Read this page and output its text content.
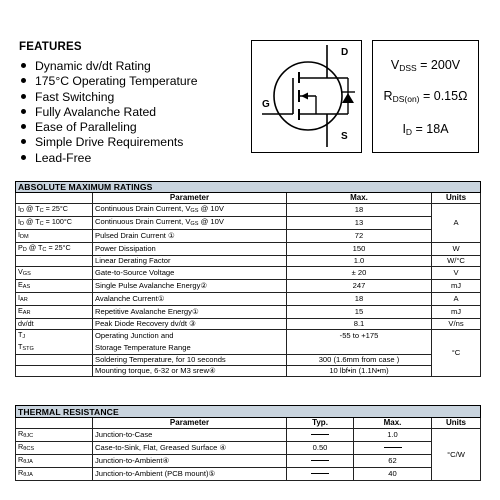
FEATURES
Dynamic dv/dt Rating
175°C Operating Temperature
Fast Switching
Fully Avalanche Rated
Ease of Paralleling
Simple Drive Requirements
Lead-Free
D
G
S
$V_{DSS} = 200V$
$R_{DS(on)} = 0.15\Omega$
$I_D = 18A$
ABSOLUTE MAXIMUM RATINGS			
	Parameter	Max.	Units
ID @ TC = 25°C	Continuous Drain Current, VGS @ 10V	18	A
ID @ TC = 100°C	Continuous Drain Current, VGS @ 10V	13	
IDM	Pulsed Drain Current ①	72	
PD @ TC = 25°C	Power Dissipation	150	W
	Linear Derating Factor	1.0	W/°C
VGS	Gate-to-Source Voltage	± 20	V
EAS	Single Pulse Avalanche Energy②	247	mJ
IAR	Avalanche Current①	18	A
EAR	Repetitive Avalanche Energy①	15	mJ
dv/dt	Peak Diode Recovery dv/dt ③	8.1	V/ns
TJ	Operating Junction and	-55 to +175	°C
TSTG	Storage Temperature Range		
	Soldering Temperature, for 10 seconds	300 (1.6mm from case )	
	Mounting torque, 6-32 or M3 srew④	10 lbf•in (1.1N•m)	
THERMAL RESISTANCE				
	Parameter	Typ.	Max.	Units
RθJC	Junction-to-Case		1.0	°C/W
RθCS	Case-to-Sink, Flat, Greased Surface ④	0.50		
RθJA	Junction-to-Ambient④		62	
RθJA	Junction-to-Ambient (PCB mount)⑤		40	
